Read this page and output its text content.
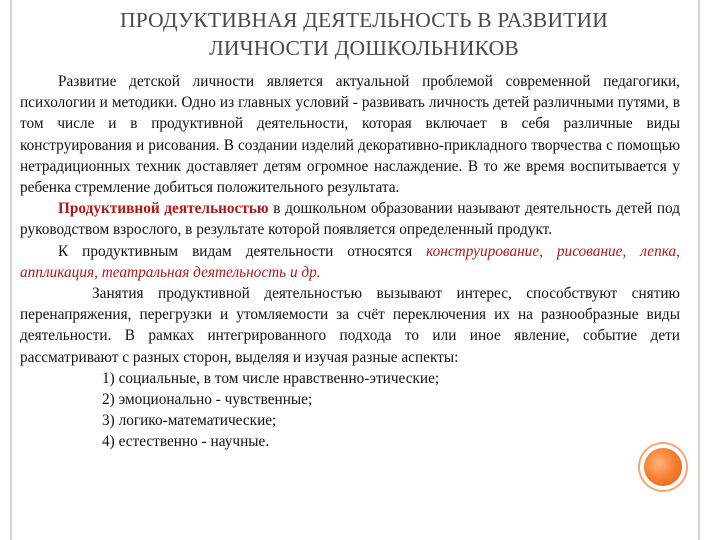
ПРОДУКТИВНАЯ ДЕЯТЕЛЬНОСТЬ В РАЗВИТИИ
ЛИЧНОСТИ ДОШКОЛЬНИКОВ

Развитие детской личности является актуальной проблемой современной педагогики, психологии и методики. Одно из главных условий - развивать личность детей различными путями, в том числе и в продуктивной деятельности, которая включает в себя различные виды конструирования и рисования. В создании изделий декоративно-прикладного творчества с помощью нетрадиционных техник доставляет детям огромное наслаждение. В то же время воспитывается у ребенка стремление добиться положительного результата.

Продуктивной деятельностью в дошкольном образовании называют деятельность детей под руководством взрослого, в результате которой появляется определенный продукт.

К продуктивным видам деятельности относятся конструирование, рисование, лепка, аппликация, театральная деятельность и др.

Занятия продуктивной деятельностью вызывают интерес, способствуют снятию перенапряжения, перегрузки и утомляемости за счёт переключения их на разнообразные виды деятельности. В рамках интегрированного подхода то или иное явление, событие дети рассматривают с разных сторон, выделяя и изучая разные аспекты:

1) социальные, в том числе нравственно-этические;
2) эмоционально - чувственные;
3) логико-математические;
4) естественно - научные.
